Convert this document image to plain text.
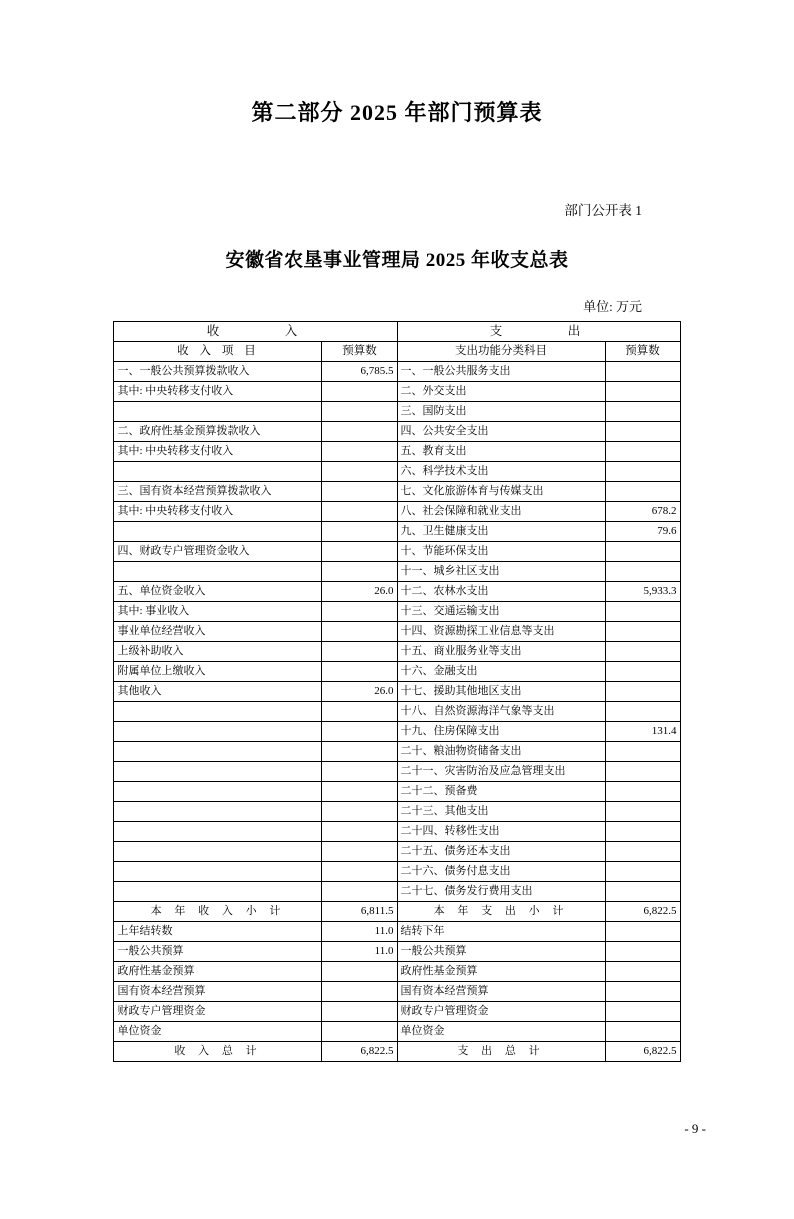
第二部分 2025 年部门预算表
部门公开表 1
安徽省农垦事业管理局 2025 年收支总表
单位: 万元
收　　　入		支　　　出	
收 入 项 目	预算数	支出功能分类科目	预算数
一、一般公共预算拨款收入	6,785.5	一、一般公共服务支出	
其中: 中央转移支付收入		二、外交支出	
		三、国防支出	
二、政府性基金预算拨款收入		四、公共安全支出	
其中: 中央转移支付收入		五、教育支出	
		六、科学技术支出	
三、国有资本经营预算拨款收入		七、文化旅游体育与传媒支出	
其中: 中央转移支付收入		八、社会保障和就业支出	678.2
		九、卫生健康支出	79.6
四、财政专户管理资金收入		十、节能环保支出	
		十一、城乡社区支出	
五、单位资金收入	26.0	十二、农林水支出	5,933.3
其中: 事业收入		十三、交通运输支出	
事业单位经营收入		十四、资源勘探工业信息等支出	
上级补助收入		十五、商业服务业等支出	
附属单位上缴收入		十六、金融支出	
其他收入	26.0	十七、援助其他地区支出	
		十八、自然资源海洋气象等支出	
		十九、住房保障支出	131.4
		二十、粮油物资储备支出	
		二十一、灾害防治及应急管理支出	
		二十二、预备费	
		二十三、其他支出	
		二十四、转移性支出	
		二十五、债务还本支出	
		二十六、债务付息支出	
		二十七、债务发行费用支出	
本 年 收 入 小 计	6,811.5	本 年 支 出 小 计	6,822.5
上年结转数	11.0	结转下年	
一般公共预算	11.0	一般公共预算	
政府性基金预算		政府性基金预算	
国有资本经营预算		国有资本经营预算	
财政专户管理资金		财政专户管理资金	
单位资金		单位资金	
收 入 总 计	6,822.5	支 出 总 计	6,822.5
- 9 -
